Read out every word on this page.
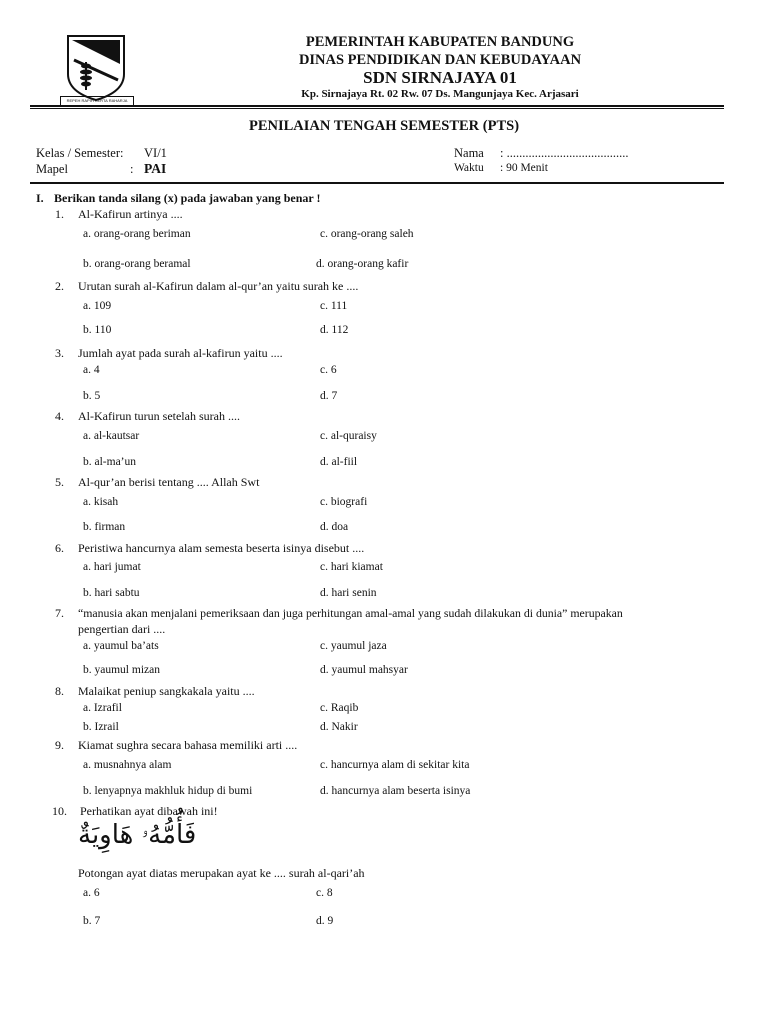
REPEH RAPIH KERTA RAHARJA
PEMERINTAH KABUPATEN BANDUNG
DINAS PENDIDIKAN DAN KEBUDAYAAN
SDN SIRNAJAYA 01
Kp. Sirnajaya Rt. 02 Rw. 07 Ds. Mangunjaya Kec. Arjasari
PENILAIAN TENGAH SEMESTER (PTS)
Kelas / Semester: VI/1
Mapel	: PAI
Nama : .......................................
Waktu : 90 Menit
I. Berikan tanda silang (x) pada jawaban yang benar !
1. Al-Kafirun artinya ....
a. orang-orang beriman	c. orang-orang saleh
b. orang-orang beramal	d. orang-orang kafir
2. Urutan surah al-Kafirun dalam al-qur’an yaitu surah ke ....
a. 109	c. 111
b. 110	d. 112
3. Jumlah ayat pada surah al-kafirun yaitu ....
a. 4	c. 6
b. 5	d. 7
4. Al-Kafirun turun setelah surah ....
a. al-kautsar	c. al-quraisy
b. al-ma’un	d. al-fiil
5. Al-qur’an berisi tentang .... Allah Swt
a. kisah	c. biografi
b. firman	d. doa
6. Peristiwa hancurnya alam semesta beserta isinya disebut ....
a. hari jumat	c. hari kiamat
b. hari sabtu	d. hari senin
7. “manusia akan menjalani pemeriksaan dan juga perhitungan amal-amal yang sudah dilakukan di dunia” merupakan
pengertian dari ....
a. yaumul ba’ats	c. yaumul jaza
b. yaumul mizan	d. yaumul mahsyar
8. Malaikat peniup sangkakala yaitu ....
a. Izrafil	c. Raqib
b. Izrail	d. Nakir
9. Kiamat sughra secara bahasa memiliki arti ....
a. musnahnya alam	c. hancurnya alam di sekitar kita
b. lenyapnya makhluk hidup di bumi	d. hancurnya alam beserta isinya
10. Perhatikan ayat dibawah ini!
فَأُمُّهُۥ هَاوِيَةٌ
Potongan ayat diatas merupakan ayat ke .... surah al-qari’ah
a. 6	c. 8
b. 7	d. 9
